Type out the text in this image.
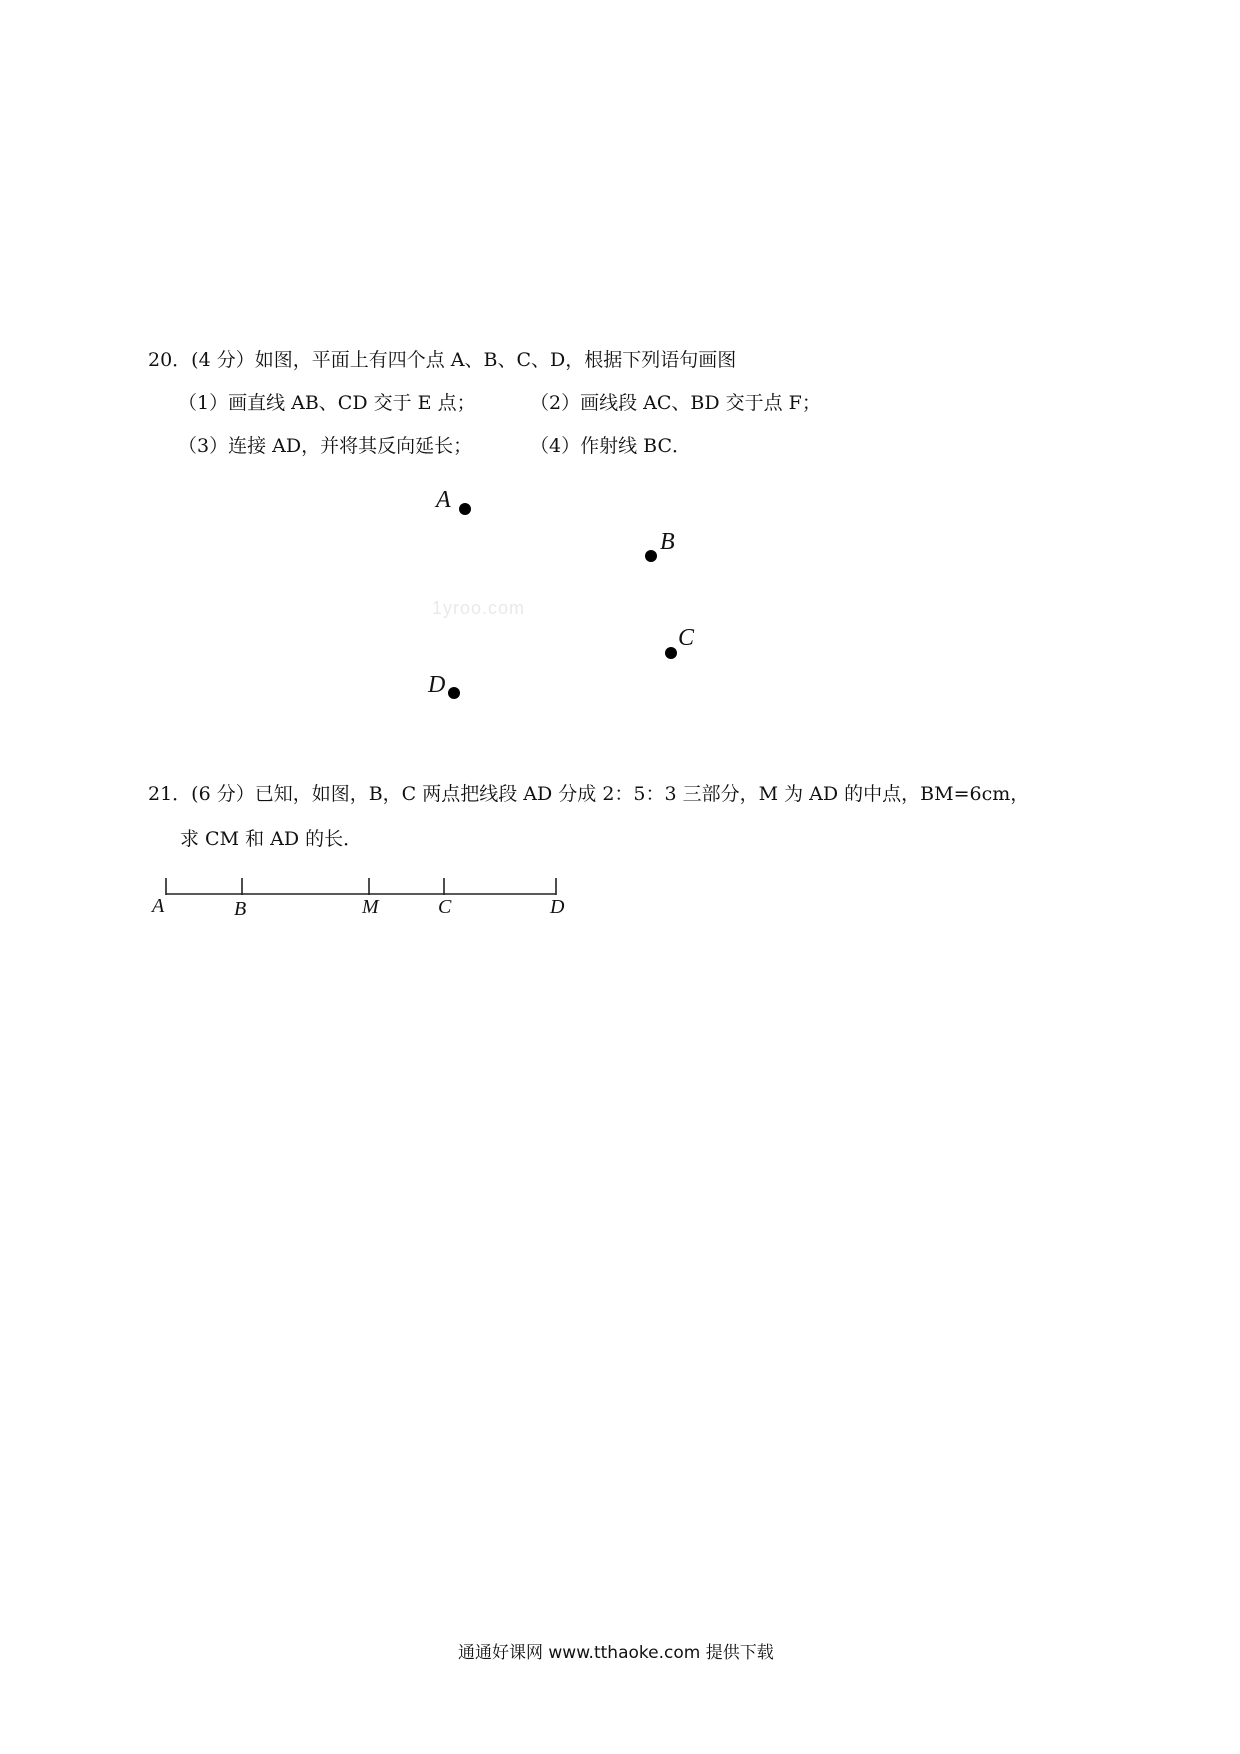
20．(4 分）如图，平面上有四个点 A、B、C、D，根据下列语句画图
（1）画直线 AB、CD 交于 E 点；	（2）画线段 AC、BD 交于点 F；
（3）连接 AD，并将其反向延长；	（4）作射线 BC．
A
B
1yroo.com
C
D
21．(6 分）已知，如图，B，C 两点把线段 AD 分成 2：5：3 三部分，M 为 AD 的中点，BM=6cm，
求 CM 和 AD 的长．
A	B	M	C	D
通通好课网 www.tthaoke.com 提供下载
